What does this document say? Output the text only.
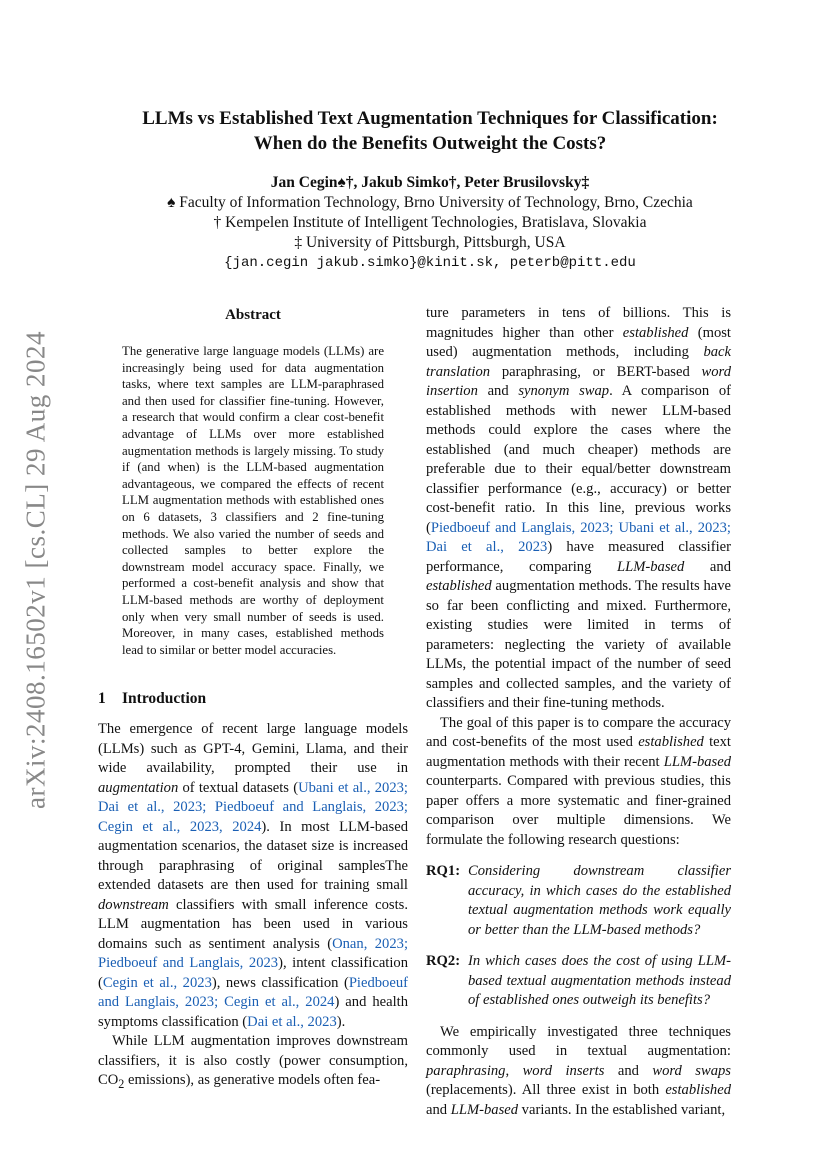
arXiv:2408.16502v1 [cs.CL] 29 Aug 2024
LLMs vs Established Text Augmentation Techniques for Classification:
When do the Benefits Outweight the Costs?
Jan Cegin♠†, Jakub Simko†, Peter Brusilovsky‡
♠ Faculty of Information Technology, Brno University of Technology, Brno, Czechia
† Kempelen Institute of Intelligent Technologies, Bratislava, Slovakia
‡ University of Pittsburgh, Pittsburgh, USA
{jan.cegin jakub.simko}@kinit.sk, peterb@pitt.edu
Abstract
The generative large language models (LLMs) are increasingly being used for data augmentation tasks, where text samples are LLM-paraphrased and then used for classifier fine-tuning. However, a research that would confirm a clear cost-benefit advantage of LLMs over more established augmentation methods is largely missing. To study if (and when) is the LLM-based augmentation advantageous, we compared the effects of recent LLM augmentation methods with established ones on 6 datasets, 3 classifiers and 2 fine-tuning methods. We also varied the number of seeds and collected samples to better explore the downstream model accuracy space. Finally, we performed a cost-benefit analysis and show that LLM-based methods are worthy of deployment only when very small number of seeds is used. Moreover, in many cases, established methods lead to similar or better model accuracies.
1 Introduction

The emergence of recent large language models (LLMs) such as GPT-4, Gemini, Llama, and their wide availability, prompted their use in augmentation of textual datasets (Ubani et al., 2023; Dai et al., 2023; Piedboeuf and Langlais, 2023; Cegin et al., 2023, 2024). In most LLM-based augmentation scenarios, the dataset size is increased through paraphrasing of original samplesThe extended datasets are then used for training small downstream classifiers with small inference costs. LLM augmentation has been used in various domains such as sentiment analysis (Onan, 2023; Piedboeuf and Langlais, 2023), intent classification (Cegin et al., 2023), news classification (Piedboeuf and Langlais, 2023; Cegin et al., 2024) and health symptoms classification (Dai et al., 2023).

While LLM augmentation improves downstream classifiers, it is also costly (power consumption, $CO_2$ emissions), as generative models often fea-

ture parameters in tens of billions. This is magnitudes higher than other established (most used) augmentation methods, including back translation paraphrasing, or BERT-based word insertion and synonym swap. A comparison of established methods with newer LLM-based methods could explore the cases where the established (and much cheaper) methods are preferable due to their equal/better downstream classifier performance (e.g., accuracy) or better cost-benefit ratio. In this line, previous works (Piedboeuf and Langlais, 2023; Ubani et al., 2023; Dai et al., 2023) have measured classifier performance, comparing LLM-based and established augmentation methods. The results have so far been conflicting and mixed. Furthermore, existing studies were limited in terms of parameters: neglecting the variety of available LLMs, the potential impact of the number of seed samples and collected samples, and the variety of classifiers and their fine-tuning methods.

The goal of this paper is to compare the accuracy and cost-benefits of the most used established text augmentation methods with their recent LLM-based counterparts. Compared with previous studies, this paper offers a more systematic and finer-grained comparison over multiple dimensions. We formulate the following research questions:

RQ1: Considering downstream classifier accuracy, in which cases do the established textual augmentation methods work equally or better than the LLM-based methods?
RQ2: In which cases does the cost of using LLM-based textual augmentation methods instead of established ones outweigh its benefits?

We empirically investigated three techniques commonly used in textual augmentation: paraphrasing, word inserts and word swaps (replacements). All three exist in both established and LLM-based variants. In the established variant,
